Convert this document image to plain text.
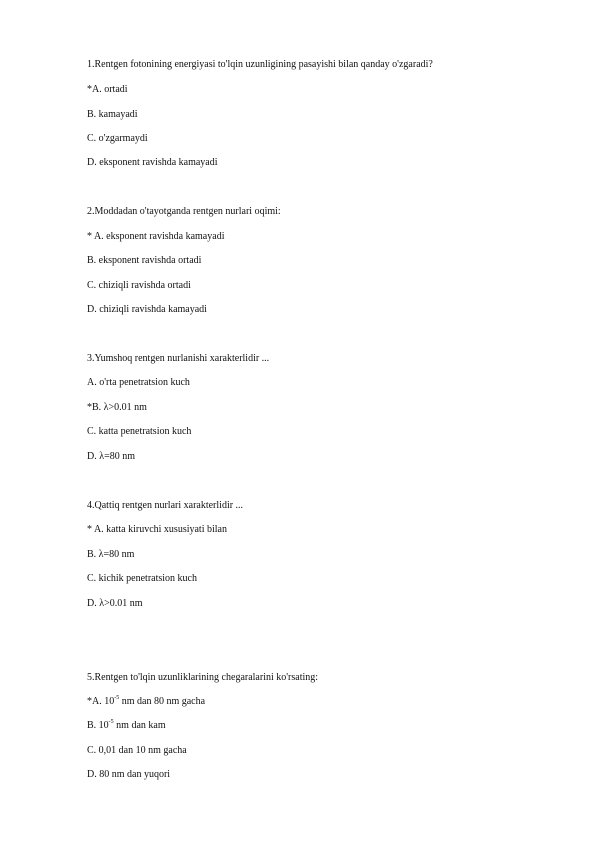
1.Rentgen fotonining energiyasi to'lqin uzunligining pasayishi bilan qanday o'zgaradi?
*A. ortadi
B. kamayadi
C. o'zgarmaydi
D. eksponent ravishda kamayadi
2.Moddadan o'tayotganda rentgen nurlari oqimi:
* A. eksponent ravishda kamayadi
B. eksponent ravishda ortadi
C. chiziqli ravishda ortadi
D. chiziqli ravishda kamayadi
3.Yumshoq rentgen nurlanishi xarakterlidir ...
A. o'rta penetratsion kuch
*B. λ>0.01 nm
C. katta penetratsion kuch
D. λ=80 nm
4.Qattiq rentgen nurlari xarakterlidir ...
* A. katta kiruvchi xususiyati bilan
B. λ=80 nm
C. kichik penetratsion kuch
D. λ>0.01 nm
5.Rentgen to'lqin uzunliklarining chegaralarini ko'rsating:
*A. $10^{-5}$ nm dan 80 nm gacha
B. $10^{-5}$ nm dan kam
C. 0,01 dan 10 nm gacha
D. 80 nm dan yuqori
